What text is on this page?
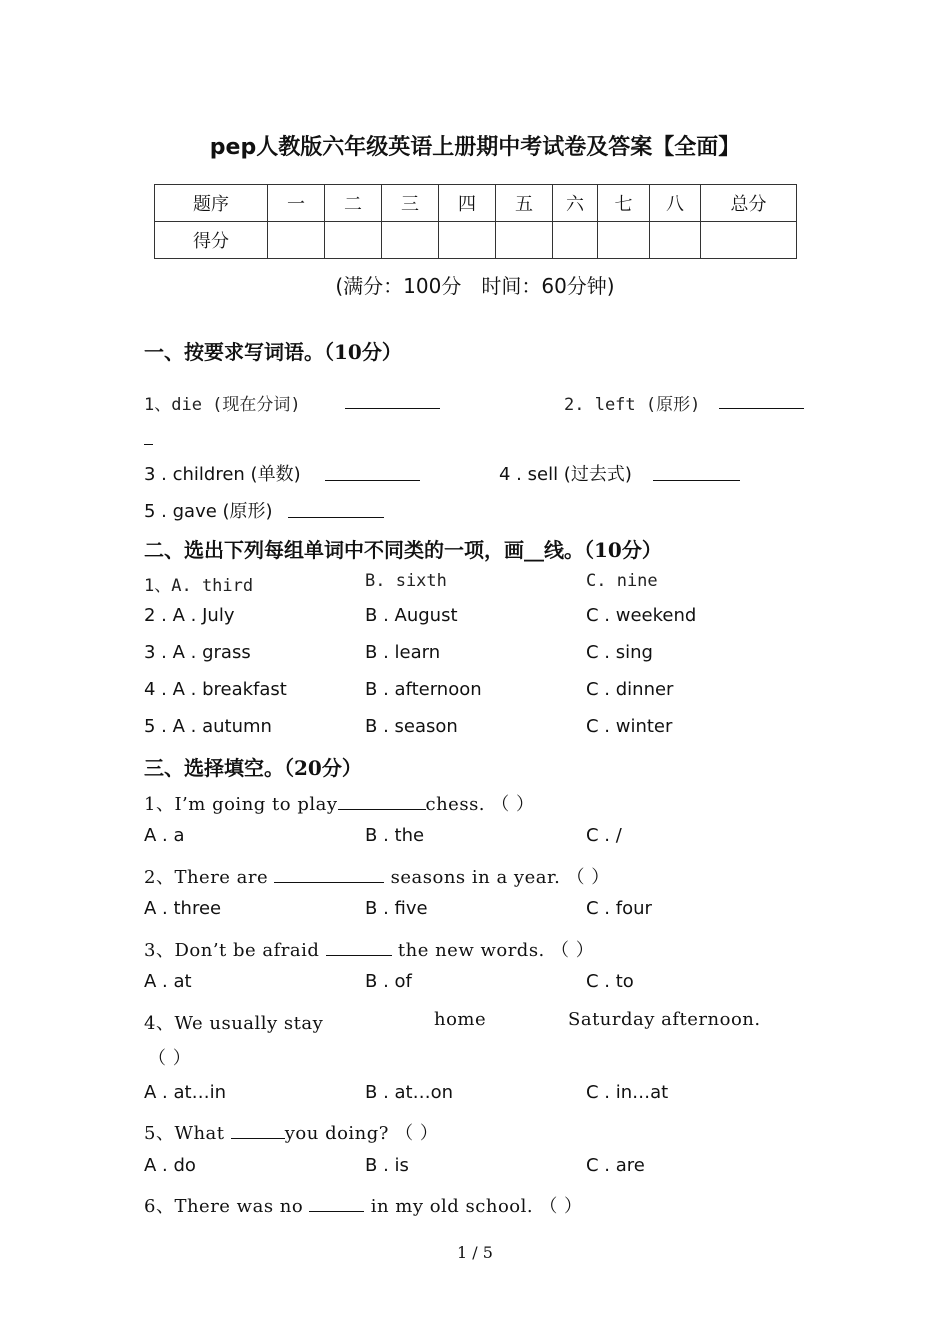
pep人教版六年级英语上册期中考试卷及答案【全面】
题序	一	二	三	四	五	六	七	八	总分
得分									
(满分：100分　时间：60分钟)
一、按要求写词语。（10分）
1、die (现在分词)	2. left (原形)
3 . children (单数)	4 . sell (过去式)
5 . gave (原形)
二、选出下列每组单词中不同类的一项，画__线。（10分）
1、A. third	B. sixth	C. nine
2 . A . July	B . August	C . weekend
3 . A . grass	B . learn	C . sing
4 . A . breakfast	B . afternoon	C . dinner
5 . A . autumn	B . season	C . winter
三、选择填空。（20分）
1、I’m going to play	chess. （ ）
A . a	B . the	C . /
2、There are	seasons in a year. （ ）
A . three	B . five	C . four
3、Don’t be afraid	the new words. （ ）
A . at	B . of	C . to
4、We usually stay	home	Saturday afternoon.
（ ）
A . at…in	B . at…on	C . in…at
5、What	you doing? （ ）
A . do	B . is	C . are
6、There was no	in my old school. （ ）
1 / 5
